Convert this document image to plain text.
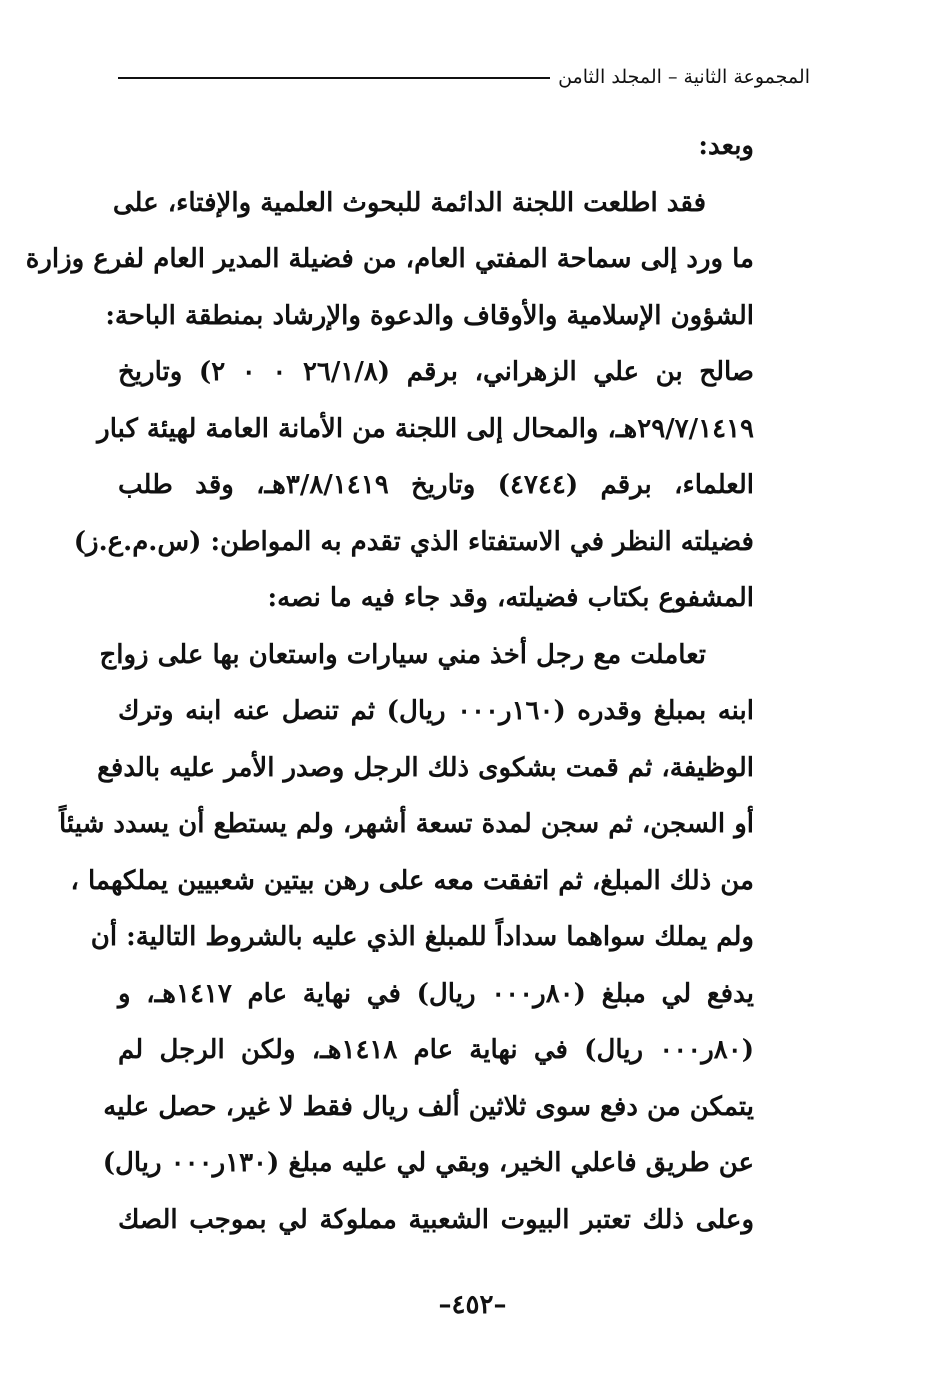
المجموعة الثانية – المجلد الثامن
وبعد:
فقد اطلعت اللجنة الدائمة للبحوث العلمية والإفتاء، على
ما ورد إلى سماحة المفتي العام، من فضيلة المدير العام لفرع وزارة
الشؤون الإسلامية والأوقاف والدعوة والإرشاد بمنطقة الباحة:
صالح بن علي الزهراني، برقم (٢٦/١/٨ ٠ ٠ ٢) وتاريخ
٢٩/٧/١٤١٩هـ، والمحال إلى اللجنة من الأمانة العامة لهيئة كبار
العلماء، برقم (٤٧٤٤) وتاريخ ٣/٨/١٤١٩هـ، وقد طلب
فضيلته النظر في الاستفتاء الذي تقدم به المواطن: (س.م.ع.ز)
المشفوع بكتاب فضيلته، وقد جاء فيه ما نصه:
تعاملت مع رجل أخذ مني سيارات واستعان بها على زواج
ابنه بمبلغ وقدره (١٦٠ر٠٠٠ ريال) ثم تنصل عنه ابنه وترك
الوظيفة، ثم قمت بشكوى ذلك الرجل وصدر الأمر عليه بالدفع
أو السجن، ثم سجن لمدة تسعة أشهر، ولم يستطع أن يسدد شيئاً
من ذلك المبلغ، ثم اتفقت معه على رهن بيتين شعبيين يملكهما ،
ولم يملك سواهما سداداً للمبلغ الذي عليه بالشروط التالية: أن
يدفع لي مبلغ (٨٠ر٠٠٠ ريال) في نهاية عام ١٤١٧هـ، و
(٨٠ر٠٠٠ ريال) في نهاية عام ١٤١٨هـ، ولكن الرجل لم
يتمكن من دفع سوى ثلاثين ألف ريال فقط لا غير، حصل عليه
عن طريق فاعلي الخير، وبقي لي عليه مبلغ (١٣٠ر٠٠٠ ريال)
وعلى ذلك تعتبر البيوت الشعبية مملوكة لي بموجب الصك
–٤٥٢–
